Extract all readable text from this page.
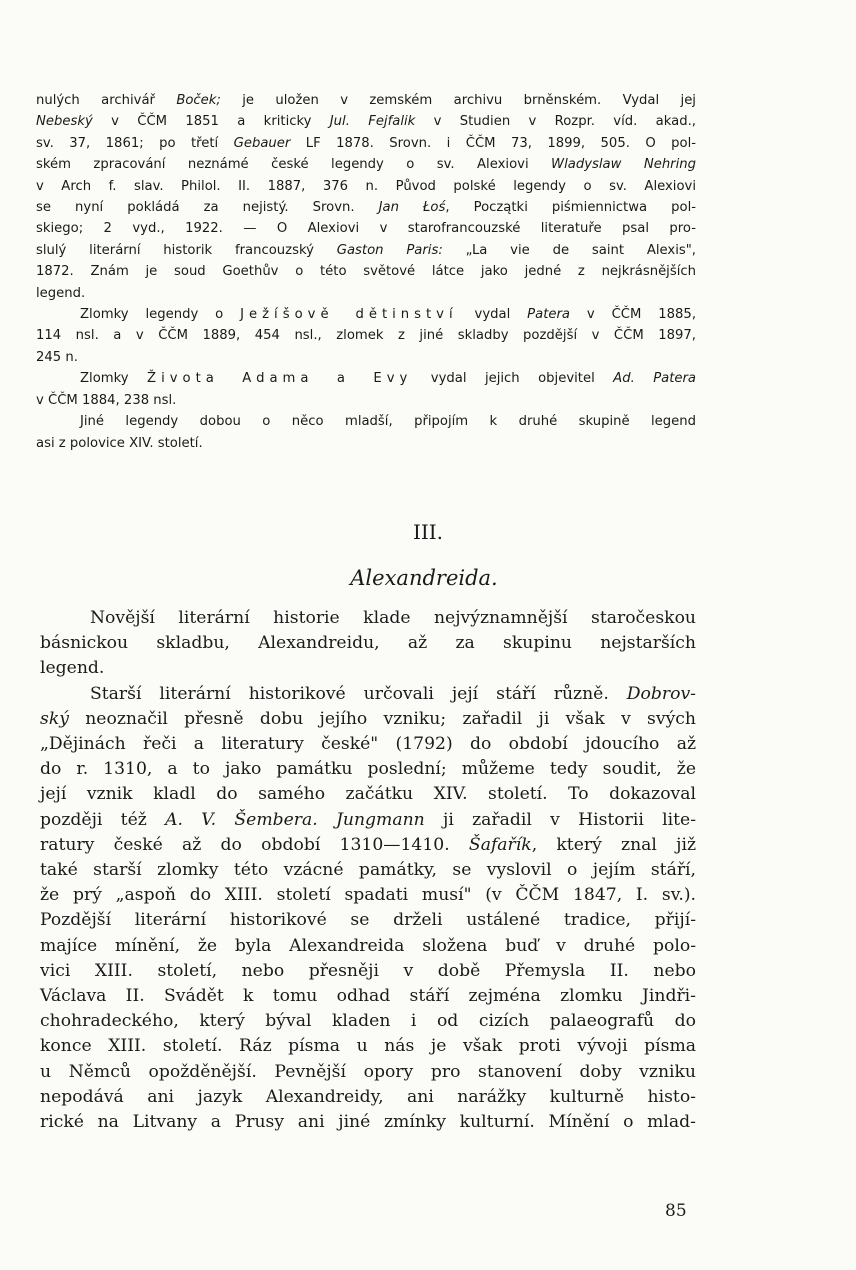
nulých archivář Boček; je uložen v zemském archivu brněnském. Vydal jej
Nebeský v ČČM 1851 a kriticky Jul. Fejfalik v Studien v Rozpr. víd. akad.,
sv. 37, 1861; po třetí Gebauer LF 1878. Srovn. i ČČM 73, 1899, 505. O pol-
ském zpracování neznámé české legendy o sv. Alexiovi Wladyslaw Nehring
v Arch f. slav. Philol. II. 1887, 376 n. Původ polské legendy o sv. Alexiovi
se nyní pokládá za nejistý. Srovn. Jan Łoś, Początki piśmiennictwa pol-
skiego; 2 vyd., 1922. — O Alexiovi v starofrancouzské literatuře psal pro-
slulý literární historik francouzský Gaston Paris: „La vie de saint Alexis",
1872. Znám je soud Goethův o této světové látce jako jedné z nejkrásnějších
legend.

Zlomky legendy o Ježíšově dětinství vydal Patera v ČČM 1885,
114 nsl. a v ČČM 1889, 454 nsl., zlomek z jiné skladby pozdější v ČČM 1897,
245 n.

Zlomky Života Adama a Evy vydal jejich objevitel Ad. Patera
v ČČM 1884, 238 nsl.

Jiné legendy dobou o něco mladší, připojím k druhé skupině legend
asi z polovice XIV. století.

III.
Alexandreida.
Novější literární historie klade nejvýznamnější staročeskou
básnickou skladbu, Alexandreidu, až za skupinu nejstarších
legend.
Starší literární historikové určovali její stáří různě. Dobrov-
ský neoznačil přesně dobu jejího vzniku; zařadil ji však v svých
„Dějinách řeči a literatury české" (1792) do období jdoucího až
do r. 1310, a to jako památku poslední; můžeme tedy soudit, že
její vznik kladl do samého začátku XIV. století. To dokazoval
později též A. V. Šembera. Jungmann ji zařadil v Historii lite-
ratury české až do období 1310—1410. Šafařík, který znal již
také starší zlomky této vzácné památky, se vyslovil o jejím stáří,
že prý „aspoň do XIII. století spadati musí" (v ČČM 1847, I. sv.).
Pozdější literární historikové se drželi ustálené tradice, přijí-
majíce mínění, že byla Alexandreida složena buď v druhé polo-
vici XIII. století, nebo přesněji v době Přemysla II. nebo
Václava II. Svádět k tomu odhad stáří zejména zlomku Jindři-
chohradeckého, který býval kladen i od cizích palaeografů do
konce XIII. století. Ráz písma u nás je však proti vývoji písma
u Němců opožděnější. Pevnější opory pro stanovení doby vzniku
nepodává ani jazyk Alexandreidy, ani narážky kulturně histo-
rické na Litvany a Prusy ani jiné zmínky kulturní. Mínění o mlad-
85
